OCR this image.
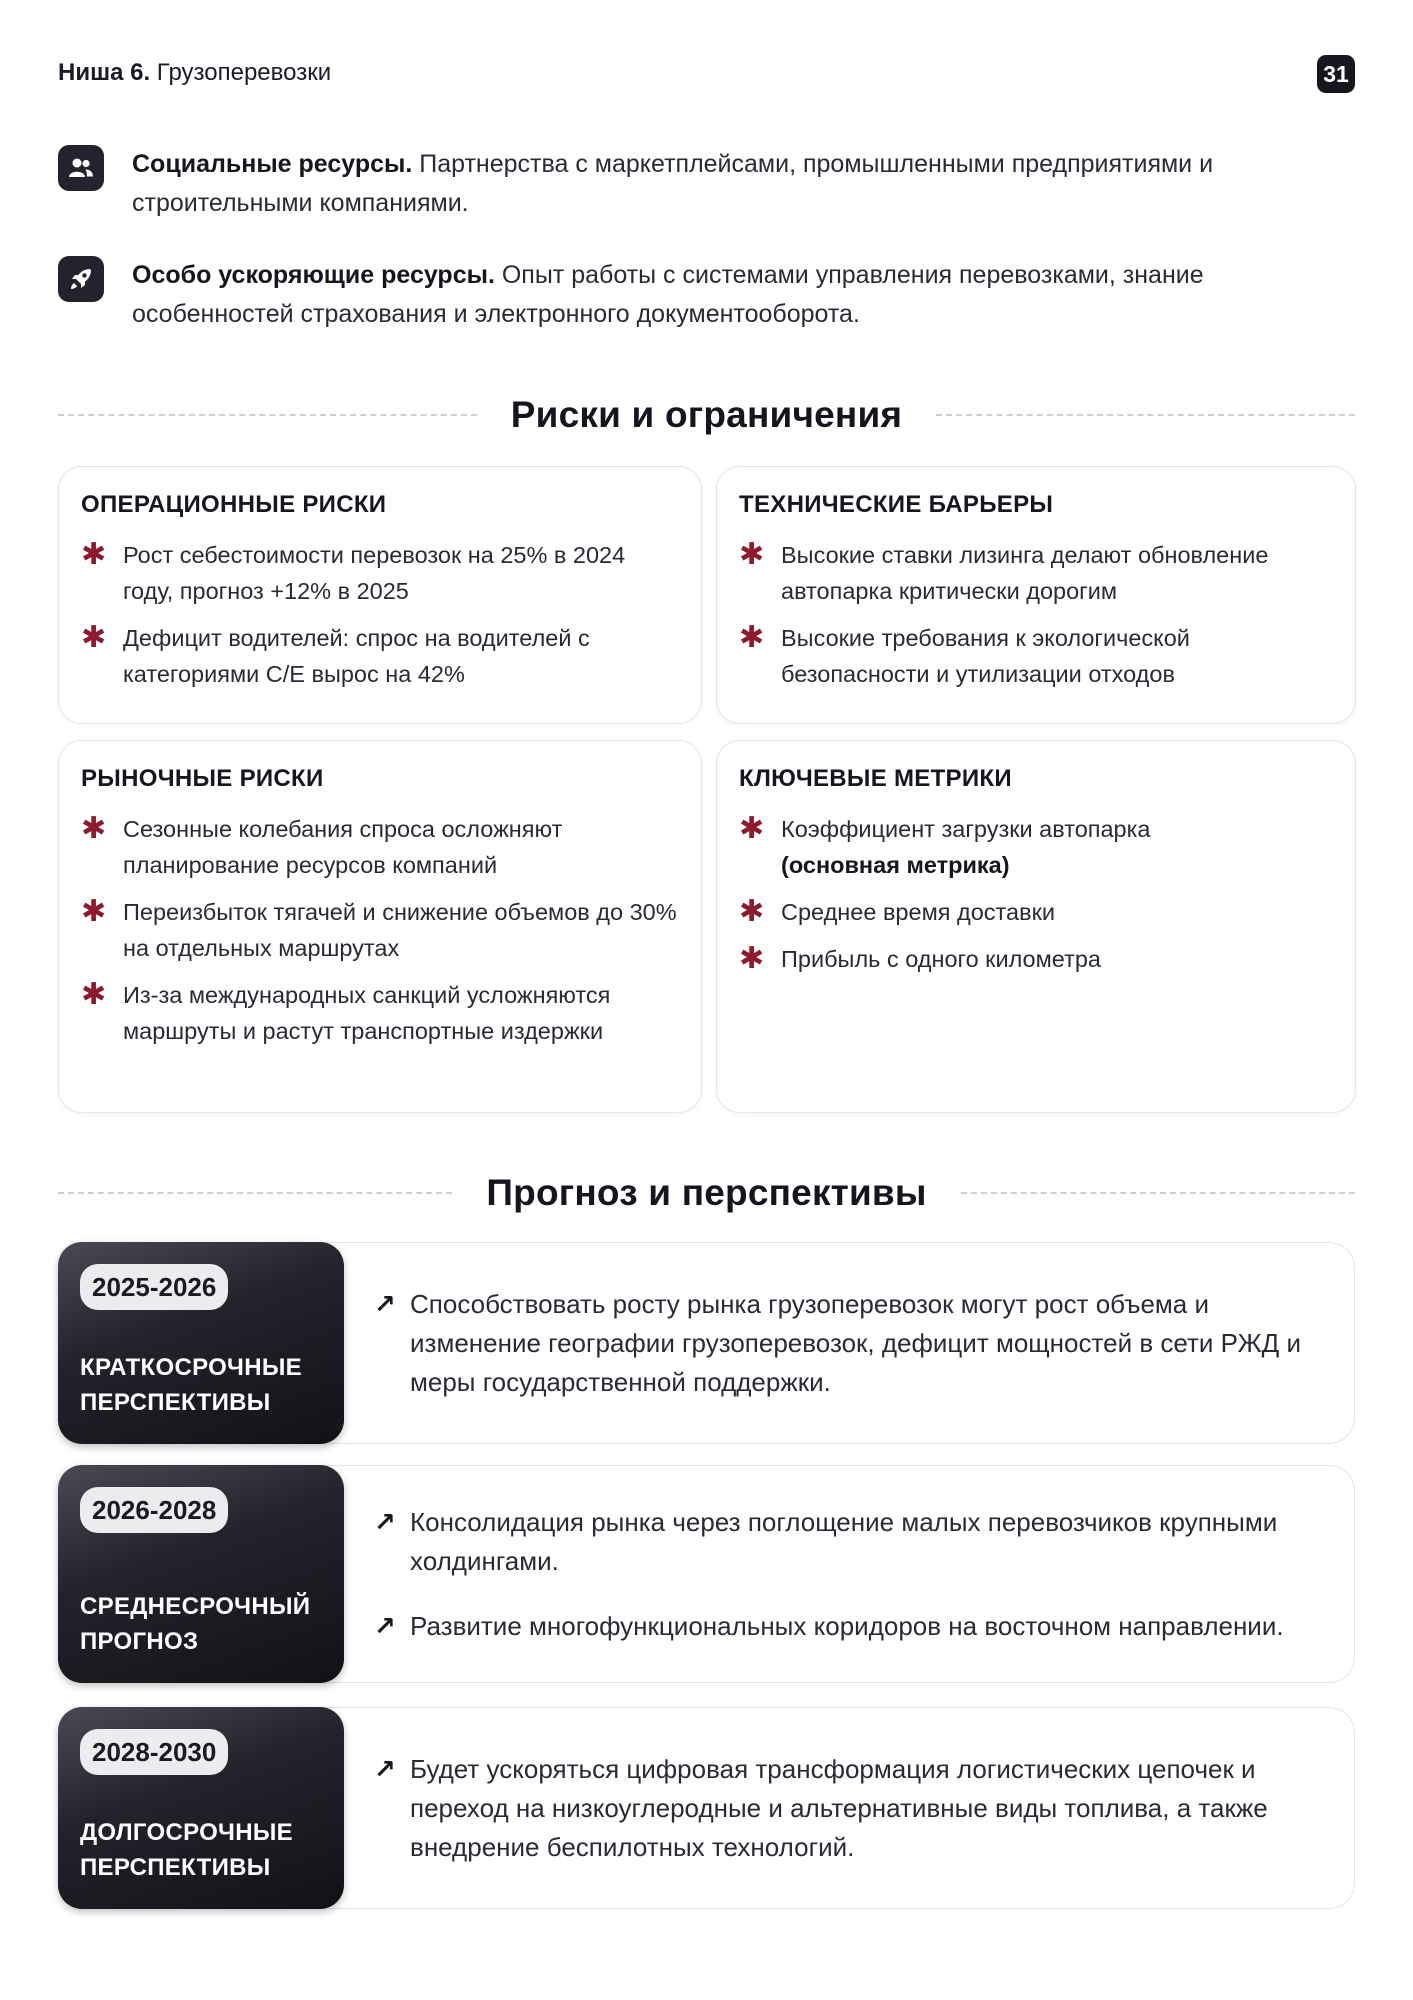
Ниша 6. Грузоперевозки	31
Социальные ресурсы. Партнерства с маркетплейсами, промышленными предприятиями и строительными компаниями.
Особо ускоряющие ресурсы. Опыт работы с системами управления перевозками, знание особенностей страхования и электронного документооборота.
Риски и ограничения
ОПЕРАЦИОННЫЕ РИСКИ
✱ Рост себестоимости перевозок на 25% в 2024 году, прогноз +12% в 2025
✱ Дефицит водителей: спрос на водителей с категориями C/E вырос на 42%
ТЕХНИЧЕСКИЕ БАРЬЕРЫ
✱ Высокие ставки лизинга делают обновление автопарка критически дорогим
✱ Высокие требования к экологической безопасности и утилизации отходов
РЫНОЧНЫЕ РИСКИ
✱ Сезонные колебания спроса осложняют планирование ресурсов компаний
✱ Переизбыток тягачей и снижение объемов до 30% на отдельных маршрутах
✱ Из-за международных санкций усложняются маршруты и растут транспортные издержки
КЛЮЧЕВЫЕ МЕТРИКИ
✱ Коэффициент загрузки автопарка
(основная метрика)
✱ Среднее время доставки
✱ Прибыль с одного километра
Прогноз и перспективы
2025-2026
КРАТКОСРОЧНЫЕ
ПЕРСПЕКТИВЫ
↗ Способствовать росту рынка грузоперевозок могут рост объема и изменение географии грузоперевозок, дефицит мощностей в сети РЖД и меры государственной поддержки.
2026-2028
СРЕДНЕСРОЧНЫЙ
ПРОГНОЗ
↗ Консолидация рынка через поглощение малых перевозчиков крупными холдингами.
↗ Развитие многофункциональных коридоров на восточном направлении.
2028-2030
ДОЛГОСРОЧНЫЕ
ПЕРСПЕКТИВЫ
↗ Будет ускоряться цифровая трансформация логистических цепочек и переход на низкоуглеродные и альтернативные виды топлива, а также внедрение беспилотных технологий.
